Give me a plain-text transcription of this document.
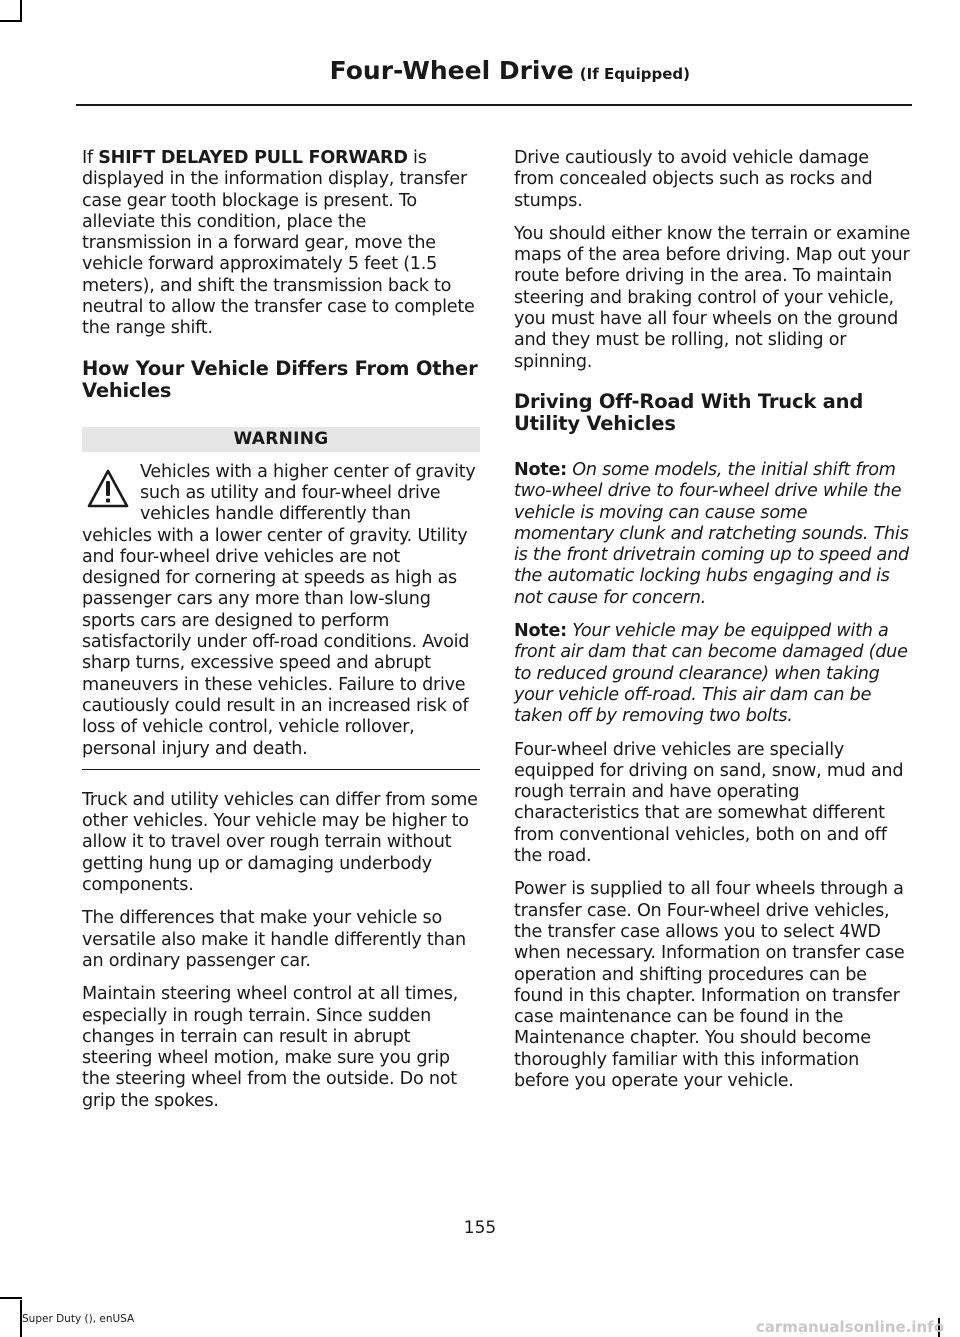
Four-Wheel Drive (If Equipped)

If SHIFT DELAYED PULL FORWARD is displayed in the information display, transfer case gear tooth blockage is present. To alleviate this condition, place the transmission in a forward gear, move the vehicle forward approximately 5 feet (1.5 meters), and shift the transmission back to neutral to allow the transfer case to complete the range shift.

How Your Vehicle Differs From Other Vehicles
WARNING
Vehicles with a higher center of gravity such as utility and four-wheel drive vehicles handle differently than vehicles with a lower center of gravity. Utility and four-wheel drive vehicles are not designed for cornering at speeds as high as passenger cars any more than low-slung sports cars are designed to perform satisfactorily under off-road conditions. Avoid sharp turns, excessive speed and abrupt maneuvers in these vehicles. Failure to drive cautiously could result in an increased risk of loss of vehicle control, vehicle rollover, personal injury and death.

Truck and utility vehicles can differ from some other vehicles. Your vehicle may be higher to allow it to travel over rough terrain without getting hung up or damaging underbody components.

The differences that make your vehicle so versatile also make it handle differently than an ordinary passenger car.

Maintain steering wheel control at all times, especially in rough terrain. Since sudden changes in terrain can result in abrupt steering wheel motion, make sure you grip the steering wheel from the outside. Do not grip the spokes.

Drive cautiously to avoid vehicle damage from concealed objects such as rocks and stumps.

You should either know the terrain or examine maps of the area before driving. Map out your route before driving in the area. To maintain steering and braking control of your vehicle, you must have all four wheels on the ground and they must be rolling, not sliding or spinning.

Driving Off-Road With Truck and Utility Vehicles

Note: On some models, the initial shift from two-wheel drive to four-wheel drive while the vehicle is moving can cause some momentary clunk and ratcheting sounds. This is the front drivetrain coming up to speed and the automatic locking hubs engaging and is not cause for concern.

Note: Your vehicle may be equipped with a front air dam that can become damaged (due to reduced ground clearance) when taking your vehicle off-road. This air dam can be taken off by removing two bolts.

Four-wheel drive vehicles are specially equipped for driving on sand, snow, mud and rough terrain and have operating characteristics that are somewhat different from conventional vehicles, both on and off the road.

Power is supplied to all four wheels through a transfer case. On Four-wheel drive vehicles, the transfer case allows you to select 4WD when necessary. Information on transfer case operation and shifting procedures can be found in this chapter. Information on transfer case maintenance can be found in the Maintenance chapter. You should become thoroughly familiar with this information before you operate your vehicle.

155
Super Duty (), enUSA	carmanualsonline.info
